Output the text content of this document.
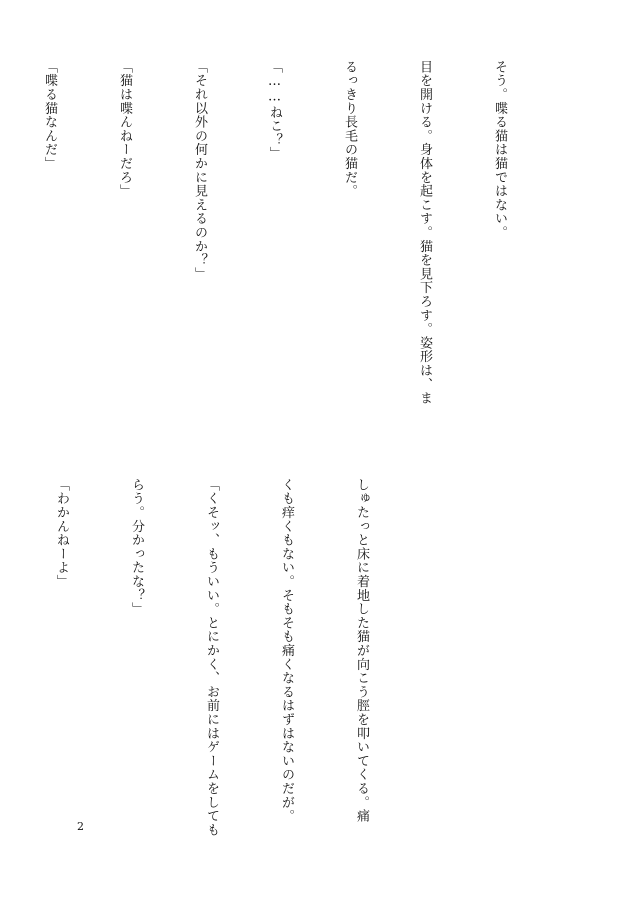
そう。喋る猫は猫ではない。

目を開ける。身体を起こす。猫を見下ろす。姿形は、ま

るっきり長毛の猫だ。

「……ねこ？」

「それ以外の何かに見えるのか？」

「猫は喋んねーだろ」

「喋る猫なんだ」

しゅたっと床に着地した猫が向こう脛を叩いてくる。痛

くも痒くもない。そもそも痛くなるはずはないのだが。

「くそッ、もういい。とにかく、お前にはゲームをしても

らう。分かったな？」

「わかんねーよ」

2
